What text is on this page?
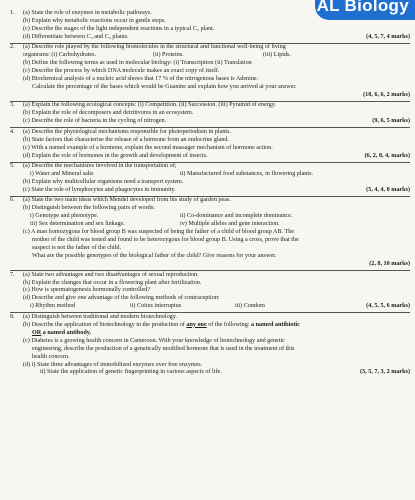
AL Biology
1. (a) State the role of enzymes in metabolic pathways.
(b) Explain why metabolic reactions occur in gentle steps.
(c) Describe the stages of the light independent reactions in a typical C₃ plant.
(4, 5, 7, 4 marks)
(d) Differentiate between C₃ and C₄ plants.
2. (a) Describe role played by the following biomolecules in the structural and functional well-being of living
organisms: (i) Carbohydrates.	(ii) Proteins.	(iii) Lipids.
(b) Define the following terms as used in molecular biology: (i) Transcription (ii) Translation
(c) Describe the process by which DNA molecule makes an exact copy of itself.
(d) Biochemical analysis of a nucleic acid shows that 17 % of the nitrogenous bases is Adenine.
Calculate the percentage of the bases which would be Guanine and explain how you arrived at your answer.
(10, 6, 6, 2 marks)

3. (a) Explain the following ecological concepts: (i) Competition. (ii) Succession. (iii) Pyramid of energy.
(b) Explain the role of decomposers and detritivores in an ecosystem.
(9, 6, 5 marks)
(c) Describe the role of bacteria in the cycling of nitrogen.
4. (a) Describe the physiological mechanisms responsible for photoperiodism in plants.
(b) State factors that characterise the release of a hormone from an endocrine gland.
(c) With a named example of a hormone, explain the second massager mechanism of hormone action.
(6, 2, 8, 4, marks)
(d) Explain the role of hormones in the growth and development of insects.
5. (a) Describe the mechanisms involved in the transportation of;
i) Water and Mineral salts	ii) Manufactured food substances, in flowering plants.
(b) Explain why multicellular organisms need a transport system.
(5, 4, 4, 8 marks)
(c) State the role of lymphocytes and phagocytes in immunity.
6. (a) State the two main ideas which Mendel developed from his study of garden peas.
(b) Distinguish between the following pairs of words:
i) Genotype and phenotype.	ii) Co-dominance and incomplete dominance.
iii) Sex determination and sex linkage.	iv) Multiple alleles and gene interaction.
(c) A man homozygous for blood group B was suspected of being the father of a child of blood group AB. The
mother of the child was tested and found to be heterozygous for blood group B. Using a cross, prove that the
suspect is not the father of the child.
What are the possible genotypes of the biological father of the child? Give reasons for your answer.
(2, 8, 10 marks)

7. (a) State two advantages and two disadvantages of sexual reproduction.
(b) Explain the changes that occur in a flowering plant after fertilization.
(c) How is spermatogenesis hormonally controlled?
(d) Describe and give one advantage of the following methods of contraception:
i) Rhythm method	ii) Coitus interruptus	iii) Condom	(4, 5, 5, 6 marks)
8. (a) Distinguish between traditional and modern biotechnology.
(b) Describe the application of biotechnology in the production of any one of the following: a named antibiotic
OR a named antibody.
(c) Diabetes is a growing health concern in Cameroon. With your knowledge of biotechnology and genetic
engineering, describe the production of a genetically modified hormone that is used in the treatment of this
health concern.
(d) i) State three advantages of immobilized enzymes over free enzymes.
(3, 5, 7, 3, 2 marks)
ii) State the application of genetic fingerprinting in various aspects of life.
